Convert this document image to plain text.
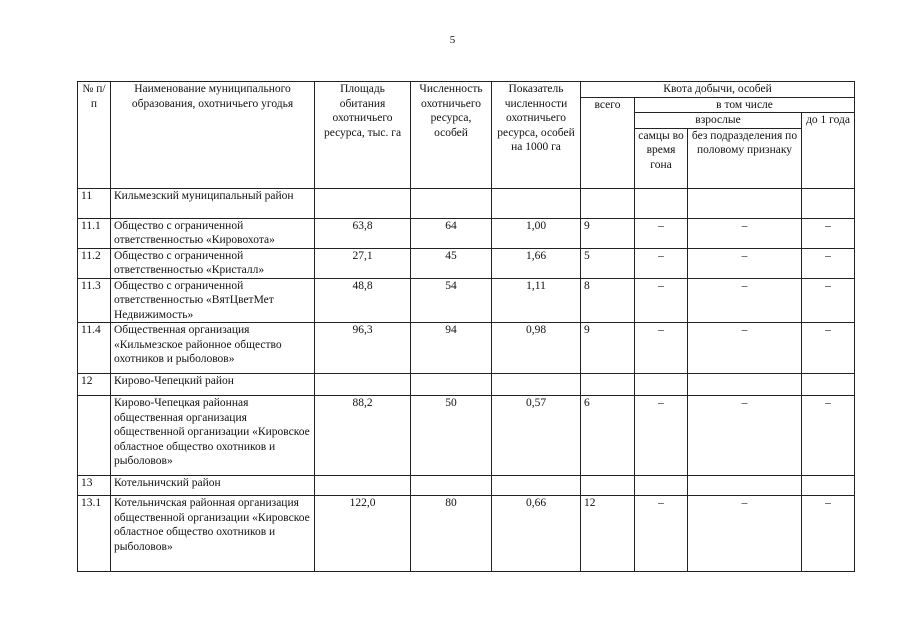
5
№ п/п	Наименование муниципального образования, охотничьего угодья	Площадь обитания охотничьего ресурса, тыс. га	Численность охотничьего ресурса, особей	Показатель численности охотничьего ресурса, особей на 1000 га	Квота добычи, особей			
					всего	в том числе		
						взрослые		до 1 года
						самцы во время гона	без подразделения по половому признаку	
11	Кильмезский муниципальный район							
11.1	Общество с ограниченной ответственностью «Кировохота»	63,8	64	1,00	9	–	–	–
11.2	Общество с ограниченной ответственностью «Кристалл»	27,1	45	1,66	5	–	–	–
11.3	Общество с ограниченной ответственностью «ВятЦветМет Недвижимость»	48,8	54	1,11	8	–	–	–
11.4	Общественная организация «Кильмезское районное общество охотников и рыболовов»	96,3	94	0,98	9	–	–	–
12	Кирово-Чепецкий район							
	Кирово-Чепецкая районная общественная организация общественной организации «Кировское областное общество охотников и рыболовов»	88,2	50	0,57	6	–	–	–
13	Котельничский район							
13.1	Котельничская районная организация общественной организации «Кировское областное общество охотников и рыболовов»	122,0	80	0,66	12	–	–	–
